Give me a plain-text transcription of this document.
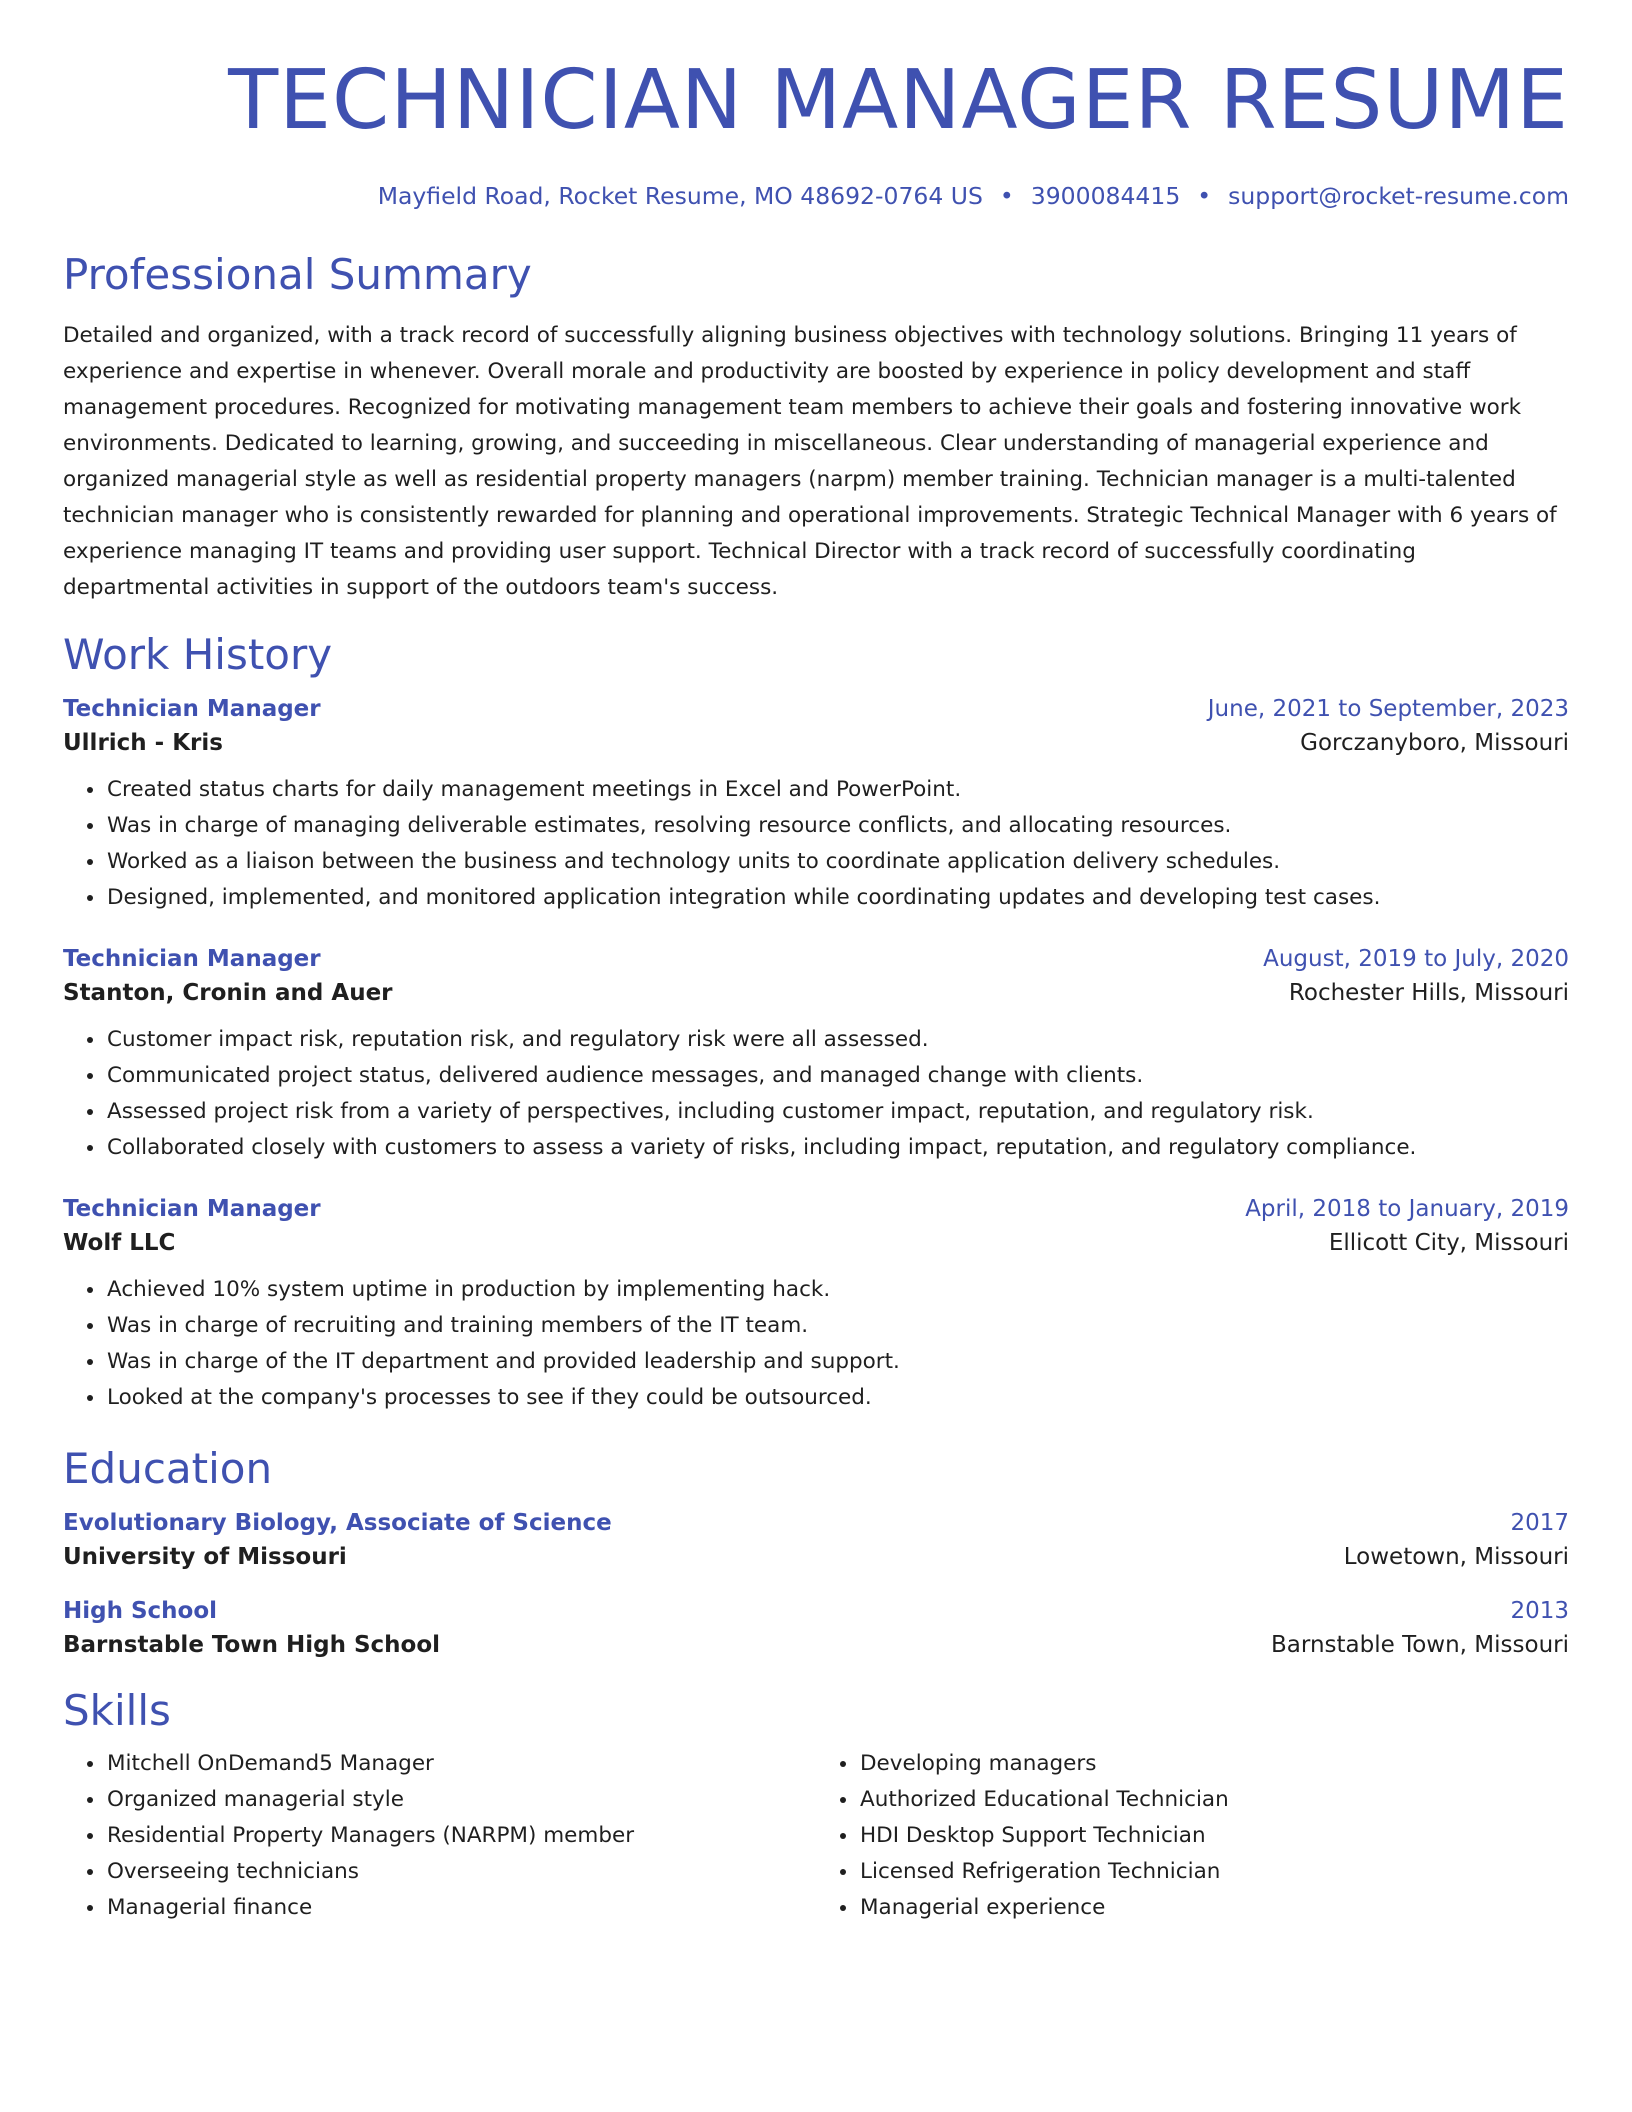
TECHNICIAN MANAGER RESUME
Mayfield Road, Rocket Resume, MO 48692-0764 US • 3900084415 • support@rocket-resume.com
Professional Summary

Detailed and organized, with a track record of successfully aligning business objectives with technology solutions. Bringing 11 years of experience and expertise in whenever. Overall morale and productivity are boosted by experience in policy development and staff management procedures. Recognized for motivating management team members to achieve their goals and fostering innovative work environments. Dedicated to learning, growing, and succeeding in miscellaneous. Clear understanding of managerial experience and organized managerial style as well as residential property managers (narpm) member training. Technician manager is a multi-talented technician manager who is consistently rewarded for planning and operational improvements. Strategic Technical Manager with 6 years of experience managing IT teams and providing user support. Technical Director with a track record of successfully coordinating departmental activities in support of the outdoors team's success.

Work History
Technician Manager	June, 2021 to September, 2023
Ullrich - Kris	Gorczanyboro, Missouri
• Created status charts for daily management meetings in Excel and PowerPoint.
• Was in charge of managing deliverable estimates, resolving resource conflicts, and allocating resources.
• Worked as a liaison between the business and technology units to coordinate application delivery schedules.
• Designed, implemented, and monitored application integration while coordinating updates and developing test cases.
Technician Manager	August, 2019 to July, 2020
Stanton, Cronin and Auer	Rochester Hills, Missouri
• Customer impact risk, reputation risk, and regulatory risk were all assessed.
• Communicated project status, delivered audience messages, and managed change with clients.
• Assessed project risk from a variety of perspectives, including customer impact, reputation, and regulatory risk.
• Collaborated closely with customers to assess a variety of risks, including impact, reputation, and regulatory compliance.
Technician Manager	April, 2018 to January, 2019
Wolf LLC	Ellicott City, Missouri
• Achieved 10% system uptime in production by implementing hack.
• Was in charge of recruiting and training members of the IT team.
• Was in charge of the IT department and provided leadership and support.
• Looked at the company's processes to see if they could be outsourced.
Education
Evolutionary Biology, Associate of Science	2017
University of Missouri	Lowetown, Missouri
High School	2013
Barnstable Town High School	Barnstable Town, Missouri
Skills
• Mitchell OnDemand5 Manager
• Organized managerial style
• Residential Property Managers (NARPM) member
• Overseeing technicians
• Managerial finance
• Developing managers
• Authorized Educational Technician
• HDI Desktop Support Technician
• Licensed Refrigeration Technician
• Managerial experience
